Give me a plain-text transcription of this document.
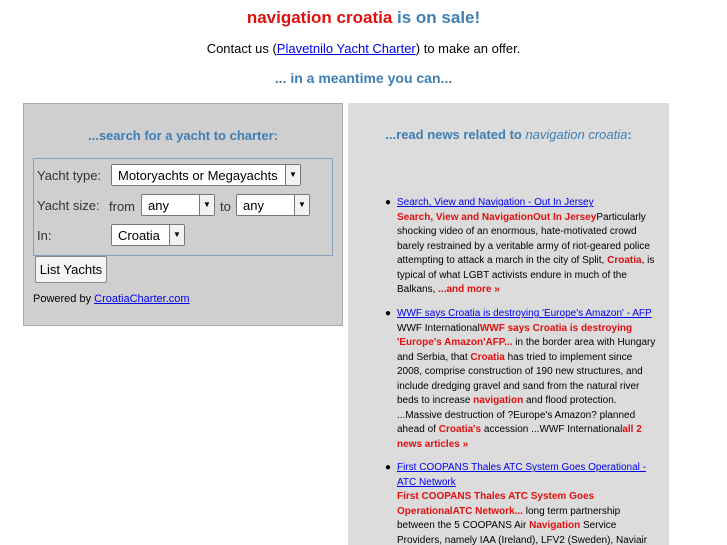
navigation croatia is on sale!
Contact us (Plavetnilo Yacht Charter) to make an offer.
... in a meantime you can...
...search for a yacht to charter:
Yacht type:	Motoryachts or Megayachts	▼
Yacht size: from	any	▼ to any	▼
In:	Croatia	▼
List Yachts
Powered by CroatiaCharter.com
...read news related to navigation croatia:
● Search, View and Navigation - Out In Jersey
Search, View and NavigationOut In JerseyParticularly shocking video of an enormous, hate-motivated crowd barely restrained by a veritable army of riot-geared police attempting to attack a march in the city of Split, Croatia, is typical of what LGBT activists endure in much of the Balkans, ...and more »
● WWF says Croatia is destroying 'Europe's Amazon' - AFP
WWF InternationalWWF says Croatia is destroying 'Europe's Amazon'AFP... in the border area with Hungary and Serbia, that Croatia has tried to implement since 2008, comprise construction of 190 new structures, and include dredging gravel and sand from the natural river beds to increase navigation and flood protection. ...Massive destruction of ?Europe's Amazon? planned ahead of Croatia's accession ...WWF Internationalall 2 news articles »
● First COOPANS Thales ATC System Goes Operational - ATC Network
First COOPANS Thales ATC System Goes OperationalATC Network... long term partnership between the 5 COOPANS Air Navigation Service Providers, namely IAA (Ireland), LFV2 (Sweden), Naviair
